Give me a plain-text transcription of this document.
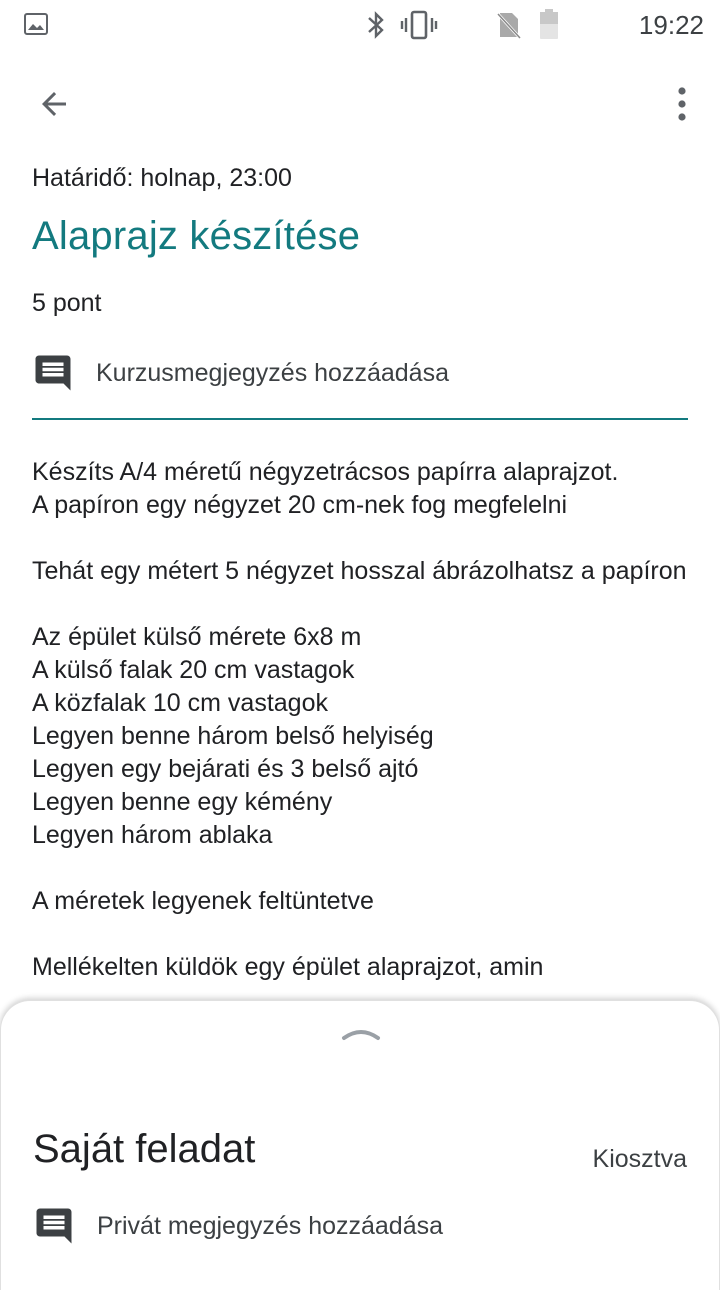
19:22
Határidő: holnap, 23:00
Alaprajz készítése
5 pont
Kurzusmegjegyzés hozzáadása

Készíts A/4 méretű négyzetrácsos papírra alaprajzot.

A papíron egy négyzet 20 cm-nek fog megfelelni

Tehát egy métert 5 négyzet hosszal ábrázolhatsz a papíron

Az épület külső mérete 6x8 m

A külső falak 20 cm vastagok

A közfalak 10 cm vastagok

Legyen benne három belső helyiség

Legyen egy bejárati és 3 belső ajtó

Legyen benne egy kémény

Legyen három ablaka

A méretek legyenek feltüntetve

Mellékelten küldök egy épület alaprajzot, amin

Saját feladat	Kiosztva
Privát megjegyzés hozzáadása
